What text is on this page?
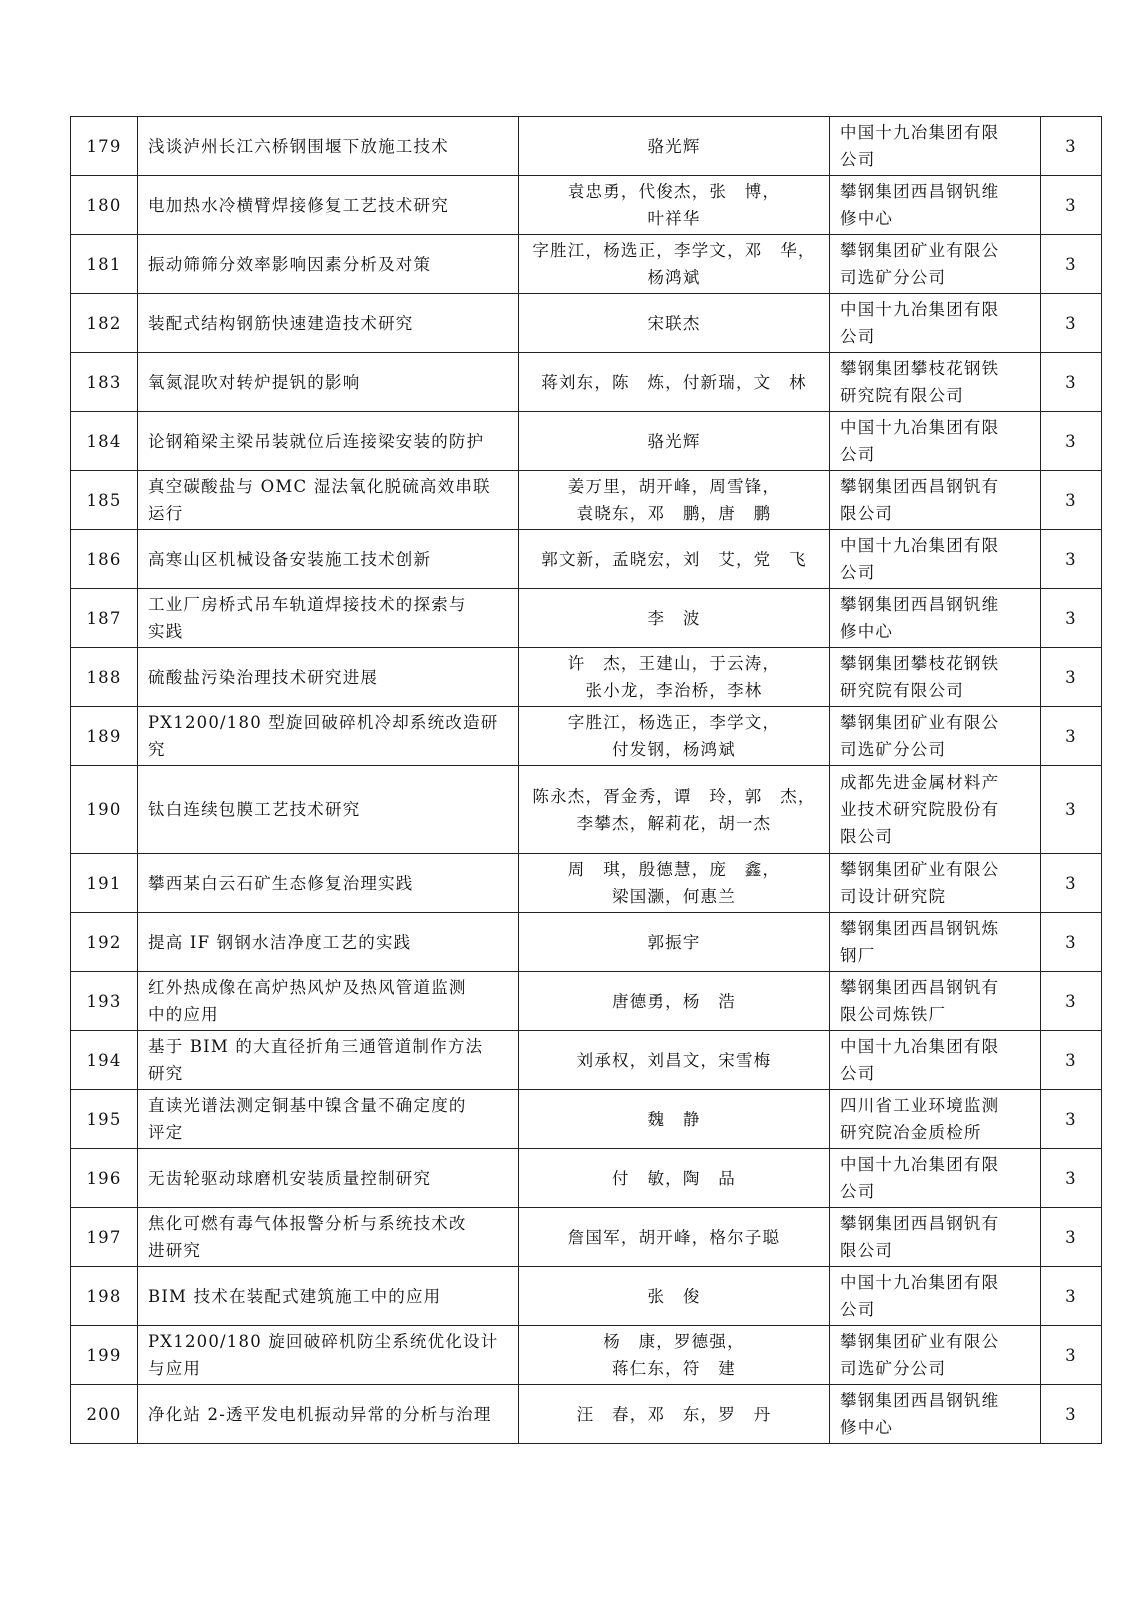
179	浅谈泸州长江六桥钢围堰下放施工技术	骆光辉	中国十九冶集团有限
公司	3

180	电加热水冷横臂焊接修复工艺技术研究	袁忠勇，代俊杰，张　博，
叶祥华	攀钢集团西昌钢钒维
修中心	3

181	振动筛筛分效率影响因素分析及对策	字胜江，杨选正，李学文，邓　华，
杨鸿斌	攀钢集团矿业有限公
司选矿分公司	3

182	装配式结构钢筋快速建造技术研究	宋联杰	中国十九冶集团有限
公司	3

183	氧氮混吹对转炉提钒的影响	蒋刘东，陈　炼，付新瑞，文　林	攀钢集团攀枝花钢铁
研究院有限公司	3

184	论钢箱梁主梁吊装就位后连接梁安装的防护	骆光辉	中国十九冶集团有限
公司	3

185	真空碳酸盐与 OMC 湿法氧化脱硫高效串联
运行	姜万里，胡开峰，周雪锋，
袁晓东，邓　鹏，唐　鹏	攀钢集团西昌钢钒有
限公司	3

186	高寒山区机械设备安装施工技术创新	郭文新，孟晓宏，刘　艾，党　飞	中国十九冶集团有限
公司	3

187	工业厂房桥式吊车轨道焊接技术的探索与
实践	李　波	攀钢集团西昌钢钒维
修中心	3

188	硫酸盐污染治理技术研究进展	许　杰，王建山，于云涛，
张小龙，李治桥，李林	攀钢集团攀枝花钢铁
研究院有限公司	3

189	PX1200/180 型旋回破碎机冷却系统改造研究	字胜江，杨选正，李学文，
付发钢，杨鸿斌	攀钢集团矿业有限公
司选矿分公司	3

190	钛白连续包膜工艺技术研究	陈永杰，胥金秀，谭　玲，郭　杰，
李攀杰，解莉花，胡一杰	成都先进金属材料产
业技术研究院股份有
限公司	3

191	攀西某白云石矿生态修复治理实践	周　琪，殷德慧，庞　鑫，
梁国灏，何惠兰	攀钢集团矿业有限公
司设计研究院	3

192	提高 IF 钢钢水洁净度工艺的实践	郭振宇	攀钢集团西昌钢钒炼
钢厂	3

193	红外热成像在高炉热风炉及热风管道监测
中的应用	唐德勇，杨　浩	攀钢集团西昌钢钒有
限公司炼铁厂	3

194	基于 BIM 的大直径折角三通管道制作方法
研究	刘承权，刘昌文，宋雪梅	中国十九冶集团有限
公司	3

195	直读光谱法测定铜基中镍含量不确定度的
评定	魏　静	四川省工业环境监测
研究院冶金质检所	3

196	无齿轮驱动球磨机安装质量控制研究	付　敏，陶　品	中国十九冶集团有限
公司	3

197	焦化可燃有毒气体报警分析与系统技术改
进研究	詹国军，胡开峰，格尔子聪	攀钢集团西昌钢钒有
限公司	3

198	BIM 技术在装配式建筑施工中的应用	张　俊	中国十九冶集团有限
公司	3

199	PX1200/180 旋回破碎机防尘系统优化设计
与应用	杨　康，罗德强，
蒋仁东，符　建	攀钢集团矿业有限公
司选矿分公司	3

200	净化站 2-透平发电机振动异常的分析与治理	汪　春，邓　东，罗　丹	攀钢集团西昌钢钒维
修中心	3
